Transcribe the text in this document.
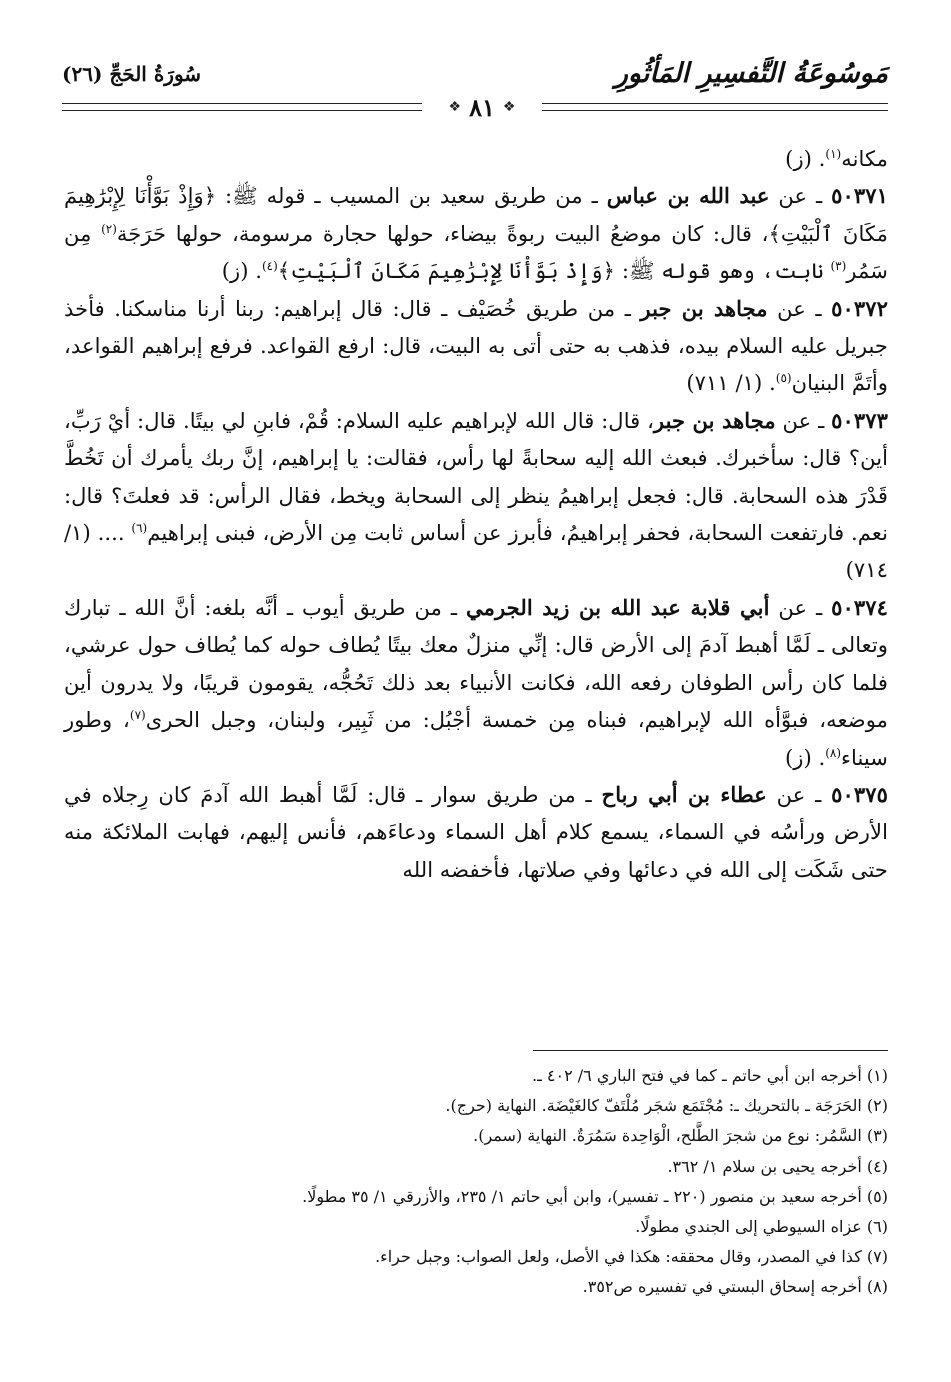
مَوسُوعَةُ التَّفسِيرِ المَأثُورِ
سُورَةُ الحَجِّ (٢٦)
❖
٨١
❖

مكانه$^{(١)}$. (ز)

٥٠٣٧١ ـ عن عبد الله بن عباس ـ من طريق سعيد بن المسيب ـ قوله ﷺ: ﴿وَإِذْ بَوَّأْنَا لِإِبْرَٰهِيمَ مَكَانَ ٱلْبَيْتِ﴾، قال: كان موضعُ البيت ربوةً بيضاء، حولها حجارة مرسومة، حولها حَرَجَة$^{(٢)}$ مِن سَمُر$^{(٣)}$ نابت، وهو قوله ﷺ: ﴿وَإِذْ بَوَّأْنَا لِإِبْرَٰهِيمَ مَكَانَ ٱلْبَيْتِ﴾$^{(٤)}$. (ز)

٥٠٣٧٢ ـ عن مجاهد بن جبر ـ من طريق خُصَيْف ـ قال: قال إبراهيم: ربنا أرنا مناسكنا. فأخذ جبريل عليه السلام بيده، فذهب به حتى أتى به البيت، قال: ارفع القواعد. فرفع إبراهيم القواعد، وأتَمَّ البنيان$^{(٥)}$. (١/ ٧١١)

٥٠٣٧٣ ـ عن مجاهد بن جبر، قال: قال الله لإبراهيم عليه السلام: قُمْ، فابنِ لي بيتًا. قال: أيْ رَبِّ، أين؟ قال: سأخبرك. فبعث الله إليه سحابةً لها رأس، فقالت: يا إبراهيم، إنَّ ربك يأمرك أن تَخُطَّ قَدْرَ هذه السحابة. قال: فجعل إبراهيمُ ينظر إلى السحابة ويخط، فقال الرأس: قد فعلتَ؟ قال: نعم. فارتفعت السحابة، فحفر إبراهيمُ، فأبرز عن أساس ثابت مِن الأرض، فبنى إبراهيم$^{(٦)}$ .... (١/ ٧١٤)

٥٠٣٧٤ ـ عن أبي قلابة عبد الله بن زيد الجرمي ـ من طريق أيوب ـ أنَّه بلغه: أنَّ الله ـ تبارك وتعالى ـ لَمَّا أهبط آدمَ إلى الأرض قال: إنِّي منزلٌ معك بيتًا يُطاف حوله كما يُطاف حول عرشي، فلما كان رأس الطوفان رفعه الله، فكانت الأنبياء بعد ذلك تَحُجُّه، يقومون قريبًا، ولا يدرون أين موضعه، فبوَّأه الله لإبراهيم، فبناه مِن خمسة أجْبُل: من ثَبِير، ولبنان، وجبل الحرى$^{(٧)}$، وطور سيناء$^{(٨)}$. (ز)

٥٠٣٧٥ ـ عن عطاء بن أبي رباح ـ من طريق سوار ـ قال: لَمَّا أهبط الله آدمَ كان رِجلاه في الأرض ورأسُه في السماء، يسمع كلام أهل السماء ودعاءَهم، فأنس إليهم، فهابت الملائكة منه حتى شَكَت إلى الله في دعائها وفي صلاتها، فأخفضه الله

(١) أخرجه ابن أبي حاتم ـ كما في فتح الباري ٦/ ٤٠٢ ـ.

(٢) الحَرَجَة ـ بالتحريك ـ: مُجْتَمَع شجَر مُلْتَفّ كالغَيْضَة. النهاية (حرج).

(٣) السَّمُر: نوع من شجرَ الطَّلح، الْوَاحِدة سَمُرَةٌ. النهاية (سمر).

(٤) أخرجه يحيى بن سلام ١/ ٣٦٢.

(٥) أخرجه سعيد بن منصور (٢٢٠ ـ تفسير)، وابن أبي حاتم ١/ ٢٣٥، والأزرقي ١/ ٣٥ مطولًا.

(٦) عزاه السيوطي إلى الجندي مطولًا.

(٧) كذا في المصدر، وقال محققه: هكذا في الأصل، ولعل الصواب: وجبل حراء.

(٨) أخرجه إسحاق البستي في تفسيره ص٣٥٢.
